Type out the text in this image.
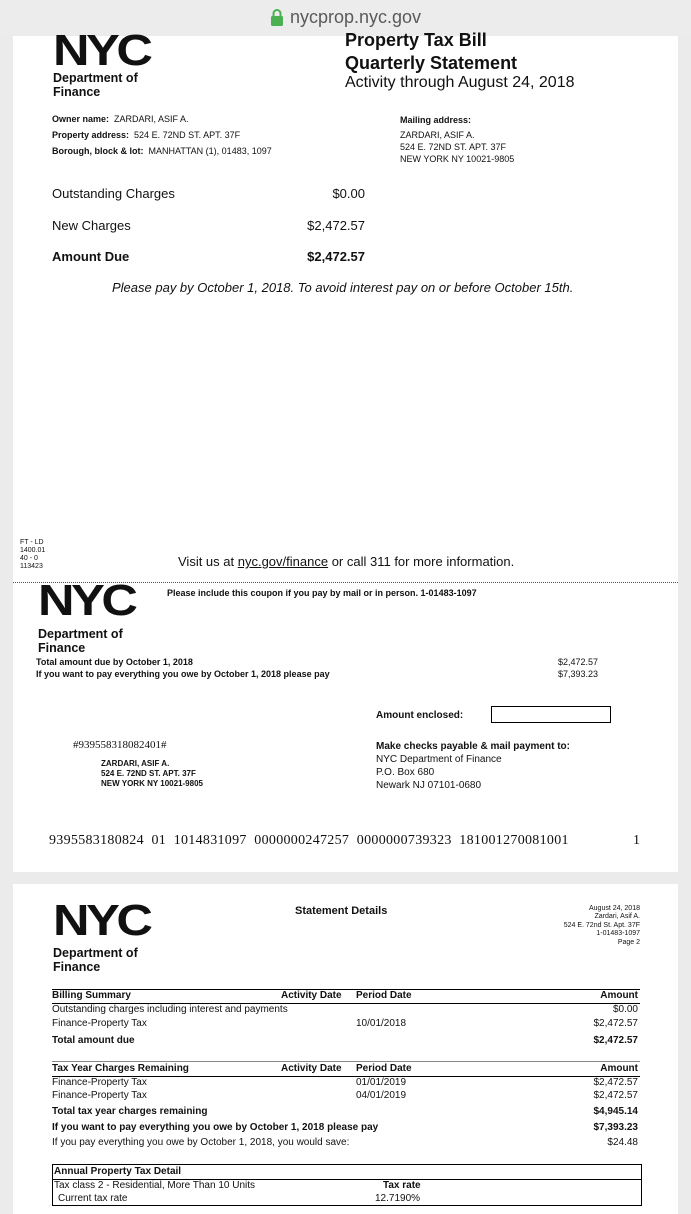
nycprop.nyc.gov
NYC
Department of
Finance
Property Tax Bill
Quarterly Statement
Activity through August 24, 2018
Owner name: ZARDARI, ASIF A.
Property address: 524 E. 72ND ST. APT. 37F
Borough, block & lot: MANHATTAN (1), 01483, 1097
Mailing address:
ZARDARI, ASIF A.
524 E. 72ND ST. APT. 37F
NEW YORK NY 10021-9805
Outstanding Charges	$0.00
New Charges	$2,472.57
Amount Due	$2,472.57
Please pay by October 1, 2018. To avoid interest pay on or before October 15th.
FT - LD
1400.01
40 - 0
113423	Visit us at nyc.gov/finance or call 311 for more information.
NYC
Department of
Finance
Please include this coupon if you pay by mail or in person. 1-01483-1097
Total amount due by October 1, 2018	$2,472.57
If you want to pay everything you owe by October 1, 2018 please pay	$7,393.23
Amount enclosed:
#939558318082401#
ZARDARI, ASIF A.
524 E. 72ND ST. APT. 37F
NEW YORK NY 10021-9805
Make checks payable & mail payment to:
NYC Department of Finance
P.O. Box 680
Newark NJ 07101-0680
9395583180824  01  1014831097  0000000247257  0000000739323  181001270081001	1
NYC
Department of
Finance
Statement Details	August 24, 2018
Zardari, Asif A.
524 E. 72nd St. Apt. 37F
1-01483-1097
Page 2
Billing Summary	Activity Date Period Date	Amount
Outstanding charges including interest and payments	$0.00
Finance-Property Tax	10/01/2018	$2,472.57
Total amount due	$2,472.57
Tax Year Charges Remaining	Activity Date Period Date	Amount
Finance-Property Tax	01/01/2019	$2,472.57
Finance-Property Tax	04/01/2019	$2,472.57
Total tax year charges remaining	$4,945.14
If you want to pay everything you owe by October 1, 2018 please pay	$7,393.23
If you pay everything you owe by October 1, 2018, you would save:	$24.48
Annual Property Tax Detail
Tax class 2 - Residential, More Than 10 Units	Tax rate
Current tax rate	12.7190%
